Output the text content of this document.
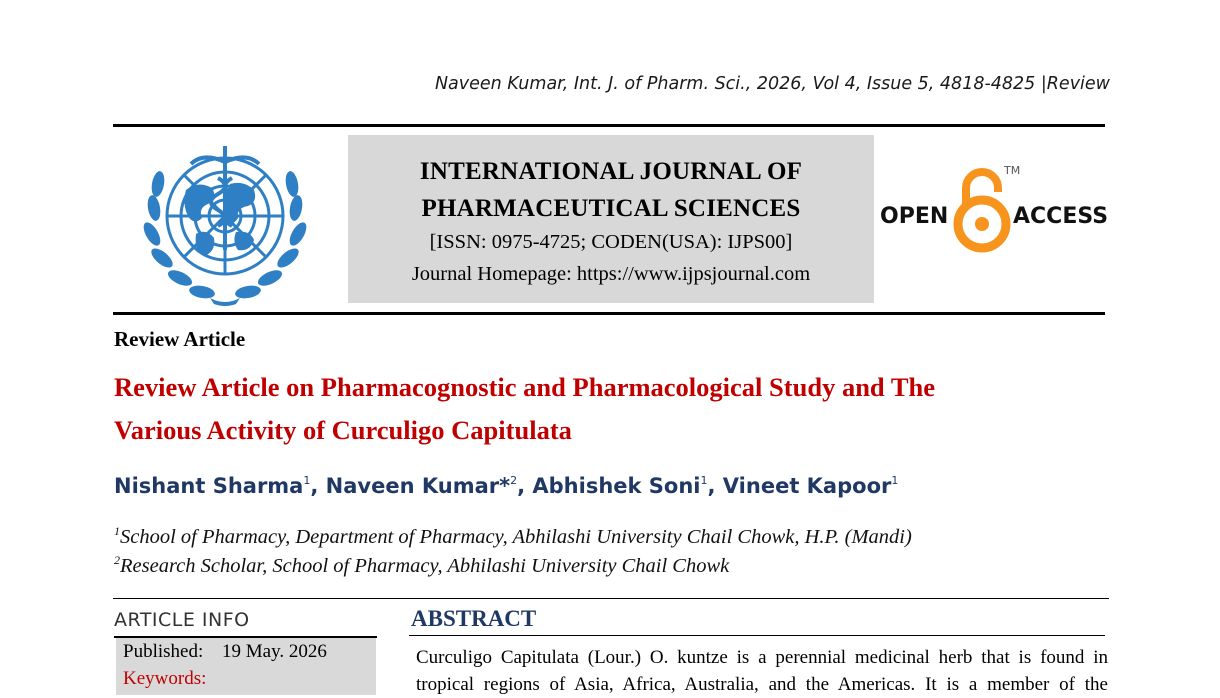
Naveen Kumar, Int. J. of Pharm. Sci., 2026, Vol 4, Issue 5, 4818-4825 |Review
INTERNATIONAL JOURNAL OF
PHARMACEUTICAL SCIENCES
[ISSN: 0975-4725; CODEN(USA): IJPS00]
Journal Homepage: https://www.ijpsjournal.com
OPEN
TM
ACCESS
Review Article
Review Article on Pharmacognostic and Pharmacological Study and The
Various Activity of Curculigo Capitulata
Nishant Sharma$^1$, Naveen Kumar*$^2$, Abhishek Soni$^1$, Vineet Kapoor$^1$
$^1$School of Pharmacy, Department of Pharmacy, Abhilashi University Chail Chowk, H.P. (Mandi)
$^2$Research Scholar, School of Pharmacy, Abhilashi University Chail Chowk
ARTICLE INFO
Published: 19 May. 2026
Keywords:
ABSTRACT
Curculigo Capitulata (Lour.) O. kuntze is a perennial medicinal herb that is found in
tropical regions of Asia, Africa, Australia, and the Americas. It is a member of the
